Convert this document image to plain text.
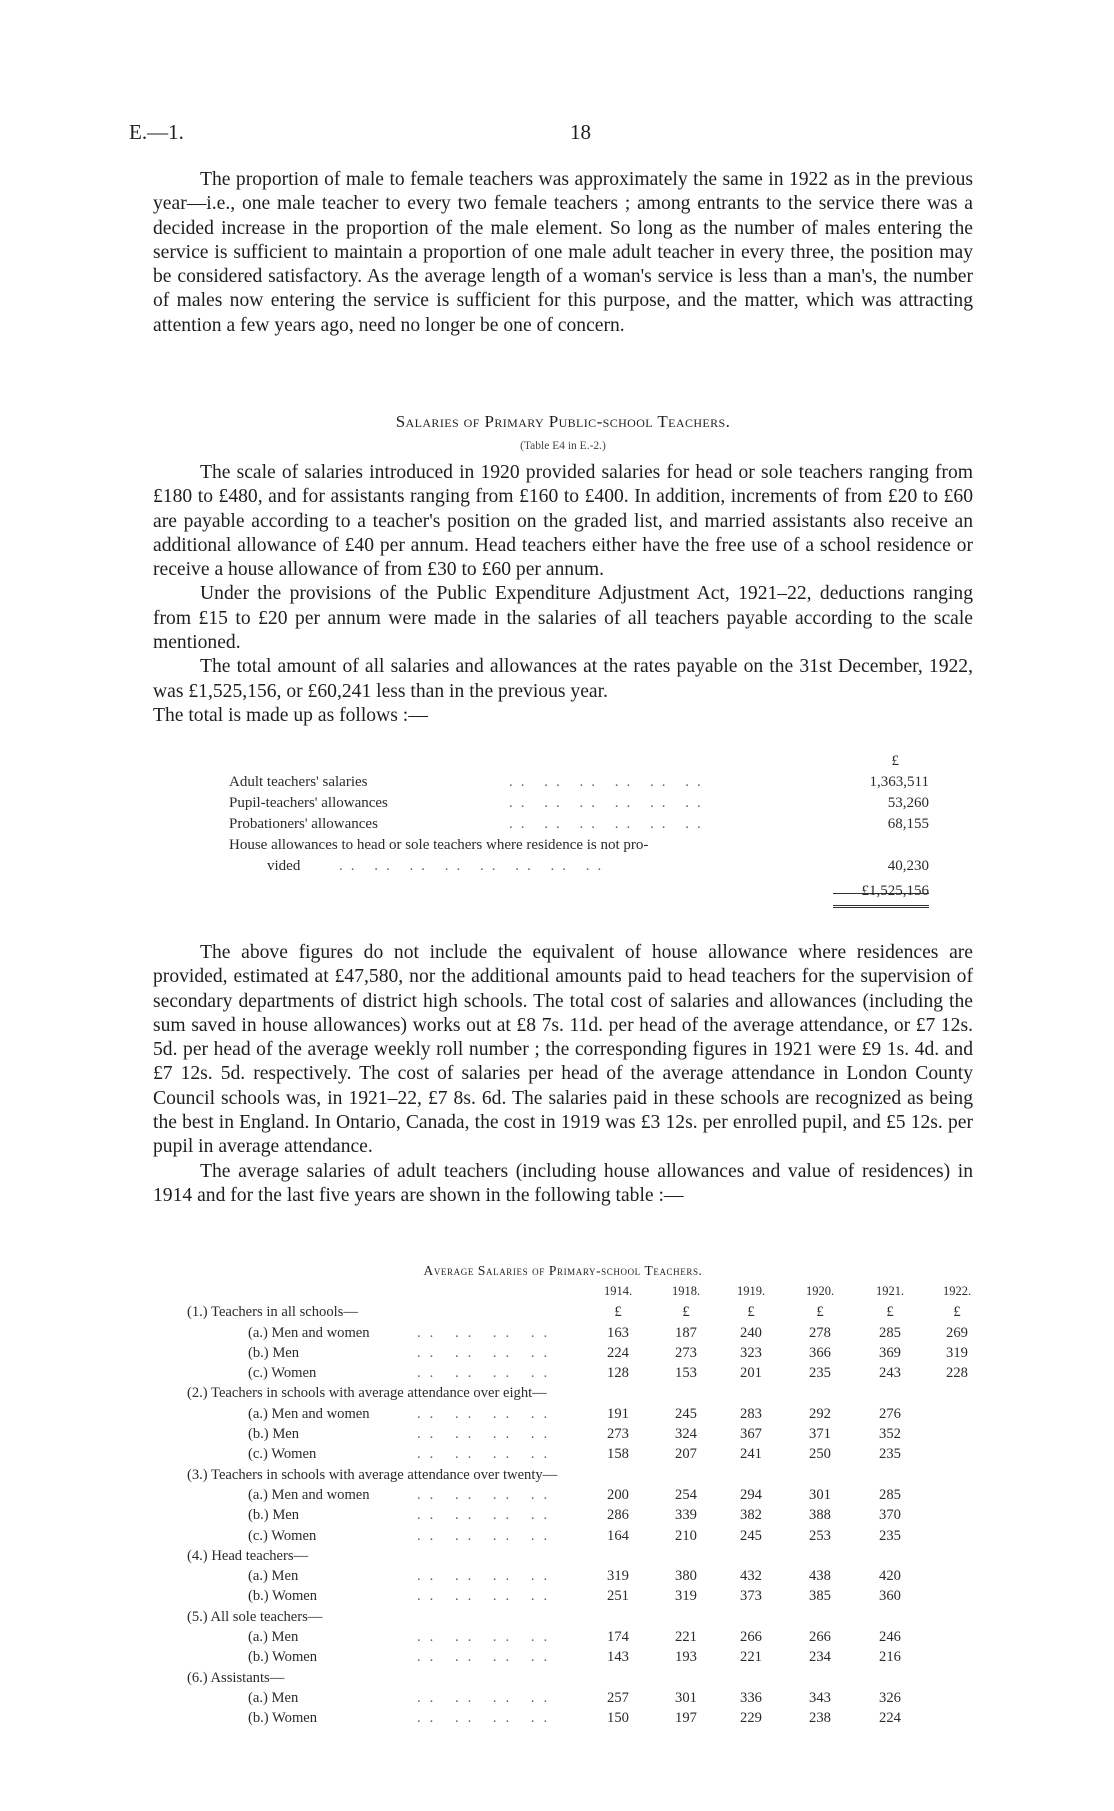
E.—1.	18

The proportion of male to female teachers was approximately the same in 1922 as in the previous year—i.e., one male teacher to every two female teachers ; among entrants to the service there was a decided increase in the proportion of the male element. So long as the number of males entering the service is sufficient to maintain a proportion of one male adult teacher in every three, the position may be considered satisfactory. As the average length of a woman's service is less than a man's, the number of males now entering the service is sufficient for this purpose, and the matter, which was attracting attention a few years ago, need no longer be one of concern.

Salaries of Primary Public-school Teachers.
(Table E4 in E.-2.)

The scale of salaries introduced in 1920 provided salaries for head or sole teachers ranging from £180 to £480, and for assistants ranging from £160 to £400. In addition, increments of from £20 to £60 are payable according to a teacher's position on the graded list, and married assistants also receive an additional allowance of £40 per annum. Head teachers either have the free use of a school residence or receive a house allowance of from £30 to £60 per annum.

Under the provisions of the Public Expenditure Adjustment Act, 1921–22, deductions ranging from £15 to £20 per annum were made in the salaries of all teachers payable according to the scale mentioned.

The total amount of all salaries and allowances at the rates payable on the 31st December, 1922, was £1,525,156, or £60,241 less than in the previous year.

The total is made up as follows :—

£
Adult teachers' salaries	.. .. .. .. .. ..	1,363,511
Pupil-teachers' allowances	.. .. .. .. .. ..	53,260
Probationers' allowances	.. .. .. .. .. ..	68,155
House allowances to head or sole teachers where residence is not pro-
vided	.. .. .. .. .. .. .. ..	40,230
£1,525,156

The above figures do not include the equivalent of house allowance where residences are provided, estimated at £47,580, nor the additional amounts paid to head teachers for the supervision of secondary departments of district high schools. The total cost of salaries and allowances (including the sum saved in house allowances) works out at £8 7s. 11d. per head of the average attendance, or £7 12s. 5d. per head of the average weekly roll number ; the corresponding figures in 1921 were £9 1s. 4d. and £7 12s. 5d. respectively. The cost of salaries per head of the average attendance in London County Council schools was, in 1921–22, £7 8s. 6d. The salaries paid in these schools are recognized as being the best in England. In Ontario, Canada, the cost in 1919 was £3 12s. per enrolled pupil, and £5 12s. per pupil in average attendance.

The average salaries of adult teachers (including house allowances and value of residences) in 1914 and for the last five years are shown in the following table :—

Average Salaries of Primary-school Teachers.
1914.	1918.	1919.	1920.	1921.	1922.
(1.) Teachers in all schools—	£	£	£	£	£	£
(a.) Men and women	.. .. .. ..	163	187	240	278	285	269
(b.) Men	.. .. .. ..	224	273	323	366	369	319
(c.) Women	.. .. .. ..	128	153	201	235	243	228
(2.) Teachers in schools with average attendance over eight—
(a.) Men and women	.. .. .. ..	191	245	283	292	276
(b.) Men	.. .. .. ..	273	324	367	371	352
(c.) Women	.. .. .. ..	158	207	241	250	235
(3.) Teachers in schools with average attendance over twenty—
(a.) Men and women	.. .. .. ..	200	254	294	301	285
(b.) Men	.. .. .. ..	286	339	382	388	370
(c.) Women	.. .. .. ..	164	210	245	253	235
(4.) Head teachers—
(a.) Men	.. .. .. ..	319	380	432	438	420
(b.) Women	.. .. .. ..	251	319	373	385	360
(5.) All sole teachers—
(a.) Men	.. .. .. ..	174	221	266	266	246
(b.) Women	.. .. .. ..	143	193	221	234	216
(6.) Assistants—
(a.) Men	.. .. .. ..	257	301	336	343	326
(b.) Women	.. .. .. ..	150	197	229	238	224
